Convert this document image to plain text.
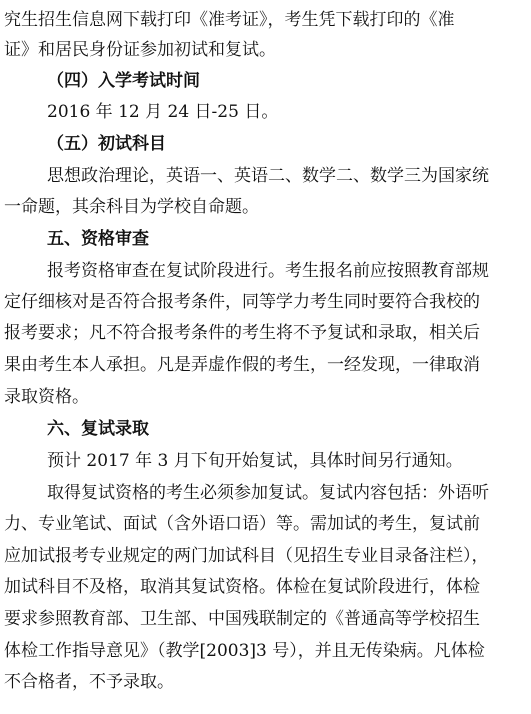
究生招生信息网下载打印《准考证》，考生凭下载打印的《准
证》和居民身份证参加初试和复试。
（四）入学考试时间
2016 年 12 月 24 日-25 日。
（五）初试科目
思想政治理论，英语一、英语二、数学二、数学三为国家统
一命题，其余科目为学校自命题。
五、资格审查
报考资格审查在复试阶段进行。考生报名前应按照教育部规
定仔细核对是否符合报考条件，同等学力考生同时要符合我校的
报考要求；凡不符合报考条件的考生将不予复试和录取，相关后
果由考生本人承担。凡是弄虚作假的考生，一经发现，一律取消
录取资格。
六、复试录取
预计 2017 年 3 月下旬开始复试，具体时间另行通知。
取得复试资格的考生必须参加复试。复试内容包括：外语听
力、专业笔试、面试（含外语口语）等。需加试的考生，复试前
应加试报考专业规定的两门加试科目（见招生专业目录备注栏），
加试科目不及格，取消其复试资格。体检在复试阶段进行，体检
要求参照教育部、卫生部、中国残联制定的《普通高等学校招生
体检工作指导意见》（教学[2003]3 号），并且无传染病。凡体检
不合格者，不予录取。
